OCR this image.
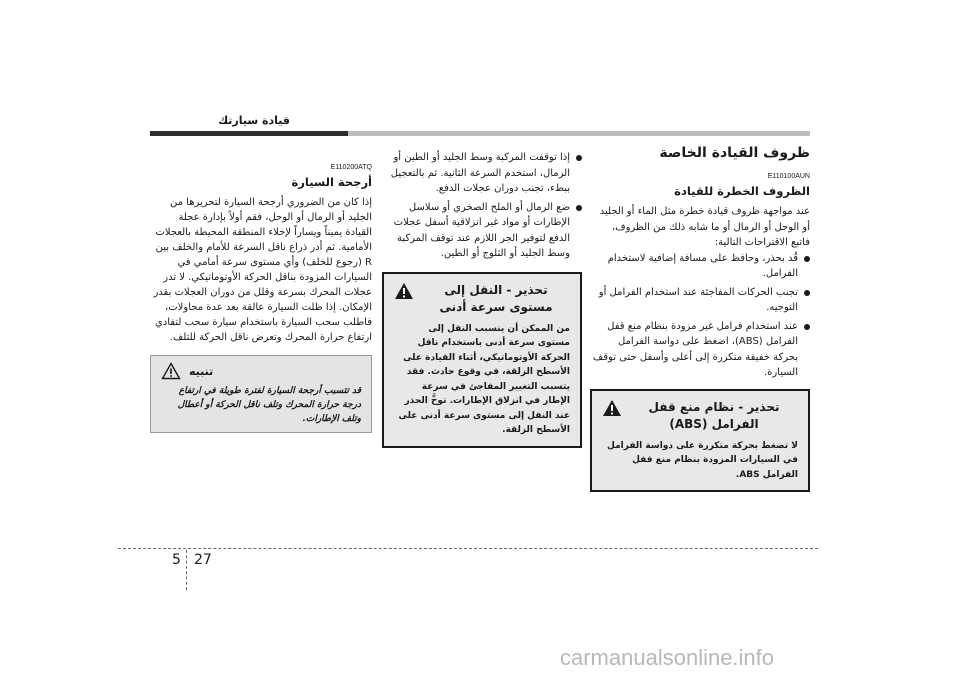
قيادة سيارتك
ظروف القيادة الخاصة
E110100AUN
الظروف الخطرة للقيادة

عند مواجهة ظروف قيادة خطرة مثل الماء أو الجليد أو الوحل أو الرمال أو ما شابه ذلك من الظروف، فاتبع الاقتراحات التالية:

قُد بحذر، وحافظ على مسافة إضافية لاستخدام الفرامل.
تجنب الحركات المفاجئة عند استخدام الفرامل أو التوجيه.
عند استخدام فرامل غير مزودة بنظام منع قفل الفرامل (ABS)، اضغط على دواسة الفرامل بحركة خفيفة متكررة إلى أعلى وأسفل حتى توقف السيارة.
تحذير - نظام منع قفل الفرامل (ABS)
لا تضغط بحركة متكررة على دواسة الفرامل في السيارات المزودة بنظام منع قفل الفرامل ABS.
إذا توقفت المركبة وسط الجليد أو الطين أو الرمال، استخدم السرعة الثانية. ثم بالتعجيل ببطء، تجنب دوران عجلات الدفع.
ضع الرمال أو الملح الصخري أو سلاسل الإطارات أو مواد غير انزلاقية أسفل عجلات الدفع لتوفير الجر اللازم عند توقف المركبة وسط الجليد أو الثلوج أو الطين.
تحذير - النقل إلى مستوى سرعة أدنى
من الممكن أن يتسبب النقل إلى مستوى سرعة أدنى باستخدام ناقل الحركة الأوتوماتيكي، أثناء القيادة على الأسطح الزلقة، في وقوع حادث. فقد يتسبب التغيير المفاجئ في سرعة الإطار في انزلاق الإطارات. توخَّ الحذر عند النقل إلى مستوى سرعة أدنى على الأسطح الزلقة.
E110200ATQ
أرجحة السيارة

إذا كان من الضروري أرجحة السيارة لتحريرها من الجليد أو الرمال أو الوحل، فقم أولاً بإدارة عجلة القيادة يميناً ويساراً لإخلاء المنطقة المحيطة بالعجلات الأمامية. ثم أدر ذراع ناقل السرعة للأمام والخلف بين R (رجوع للخلف) وأي مستوى سرعة أمامي في السيارات المزودة بناقل الحركة الأوتوماتيكي. لا تدر عجلات المحرك بسرعة وقلل من دوران العجلات بقدر الإمكان. إذا ظلت السيارة عالقة بعد عدة محاولات، فاطلب سحب السيارة باستخدام سيارة سحب لتفادي ارتفاع حرارة المحرك وتعرض ناقل الحركة للتلف.

تنبيه
قد تتسبب أرجحة السيارة لفترة طويلة في ارتفاع درجة حرارة المحرك وتلف ناقل الحركة أو أعطال وتلف الإطارات.
5 27
carmanualsonline.info
